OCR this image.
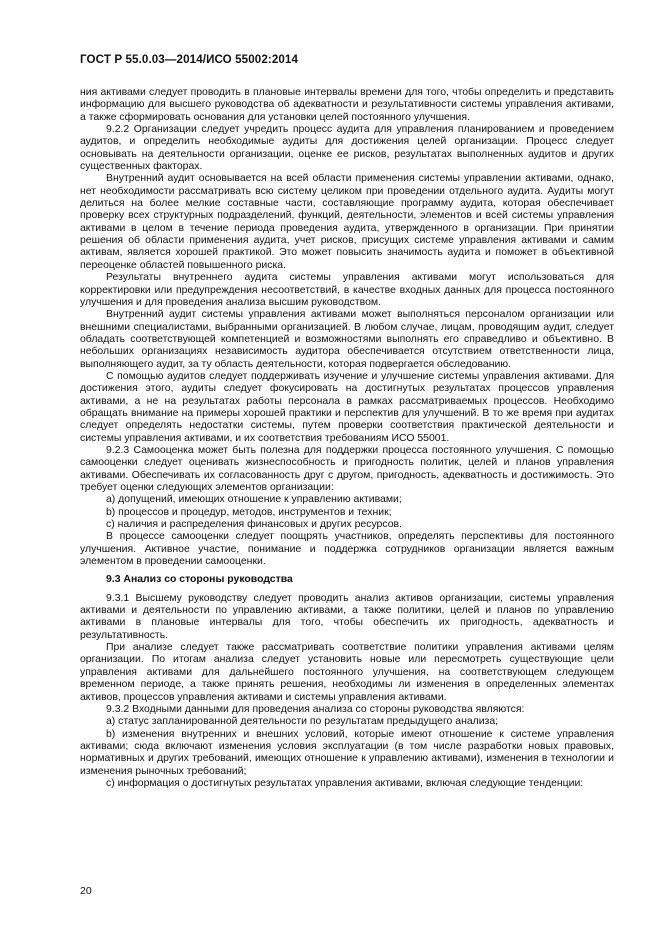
ГОСТ Р 55.0.03—2014/ИСО 55002:2014

ния активами следует проводить в плановые интервалы времени для того, чтобы определить и представить информацию для высшего руководства об адекватности и результативности системы управления активами, а также сформировать основания для установки целей постоянного улучшения.

9.2.2 Организации следует учредить процесс аудита для управления планированием и проведением аудитов, и определить необходимые аудиты для достижения целей организации. Процесс следует основывать на деятельности организации, оценке ее рисков, результатах выполненных аудитов и других существенных факторах.

Внутренний аудит основывается на всей области применения системы управлении активами, однако, нет необходимости рассматривать всю систему целиком при проведении отдельного аудита. Аудиты могут делиться на более мелкие составные части, составляющие программу аудита, которая обеспечивает проверку всех структурных подразделений, функций, деятельности, элементов и всей системы управления активами в целом в течение периода проведения аудита, утвержденного в организации. При принятии решения об области применения аудита, учет рисков, присущих системе управления активами и самим активам, является хорошей практикой. Это может повысить значимость аудита и поможет в объективной переоценке областей повышенного риска.

Результаты внутреннего аудита системы управления активами могут использоваться для корректировки или предупреждения несоответствий, в качестве входных данных для процесса постоянного улучшения и для проведения анализа высшим руководством.

Внутренний аудит системы управления активами может выполняться персоналом организации или внешними специалистами, выбранными организацией. В любом случае, лицам, проводящим аудит, следует обладать соответствующей компетенцией и возможностями выполнять его справедливо и объективно. В небольших организациях независимость аудитора обеспечивается отсутствием ответственности лица, выполняющего аудит, за ту область деятельности, которая подвергается обследованию.

С помощью аудитов следует поддерживать изучение и улучшение системы управления активами. Для достижения этого, аудиты следует фокусировать на достигнутых результатах процессов управления активами, а не на результатах работы персонала в рамках рассматриваемых процессов. Необходимо обращать внимание на примеры хорошей практики и перспектив для улучшений. В то же время при аудитах следует определять недостатки системы, путем проверки соответствия практической деятельности и системы управления активами, и их соответствия требованиям ИСО 55001.

9.2.3 Самооценка может быть полезна для поддержки процесса постоянного улучшения. С помощью самооценки следует оценивать жизнеспособность и пригодность политик, целей и планов управления активами. Обеспечивать их согласованность друг с другом, пригодность, адекватность и достижимость. Это требует оценки следующих элементов организации:

a) допущений, имеющих отношение к управлению активами;

b) процессов и процедур, методов, инструментов и техник;

c) наличия и распределения финансовых и других ресурсов.

В процессе самооценки следует поощрять участников, определять перспективы для постоянного улучшения. Активное участие, понимание и поддержка сотрудников организации является важным элементом в проведении самооценки.

9.3 Анализ со стороны руководства

9.3.1 Высшему руководству следует проводить анализ активов организации, системы управления активами и деятельности по управлению активами, а также политики, целей и планов по управлению активами в плановые интервалы для того, чтобы обеспечить их пригодность, адекватность и результативность.

При анализе следует также рассматривать соответствие политики управления активами целям организации. По итогам анализа следует установить новые или пересмотреть существующие цели управления активами для дальнейшего постоянного улучшения, на соответствующем следующем временном периоде, а также принять решения, необходимы ли изменения в определенных элементах активов, процессов управления активами и системы управления активами.

9.3.2 Входными данными для проведения анализа со стороны руководства являются:

a) статус запланированной деятельности по результатам предыдущего анализа;

b) изменения внутренних и внешних условий, которые имеют отношение к системе управления активами; сюда включают изменения условия эксплуатации (в том числе разработки новых правовых, нормативных и других требований, имеющих отношение к управлению активами), изменения в технологии и изменения рыночных требований;

c) информация о достигнутых результатах управления активами, включая следующие тенденции:

20
